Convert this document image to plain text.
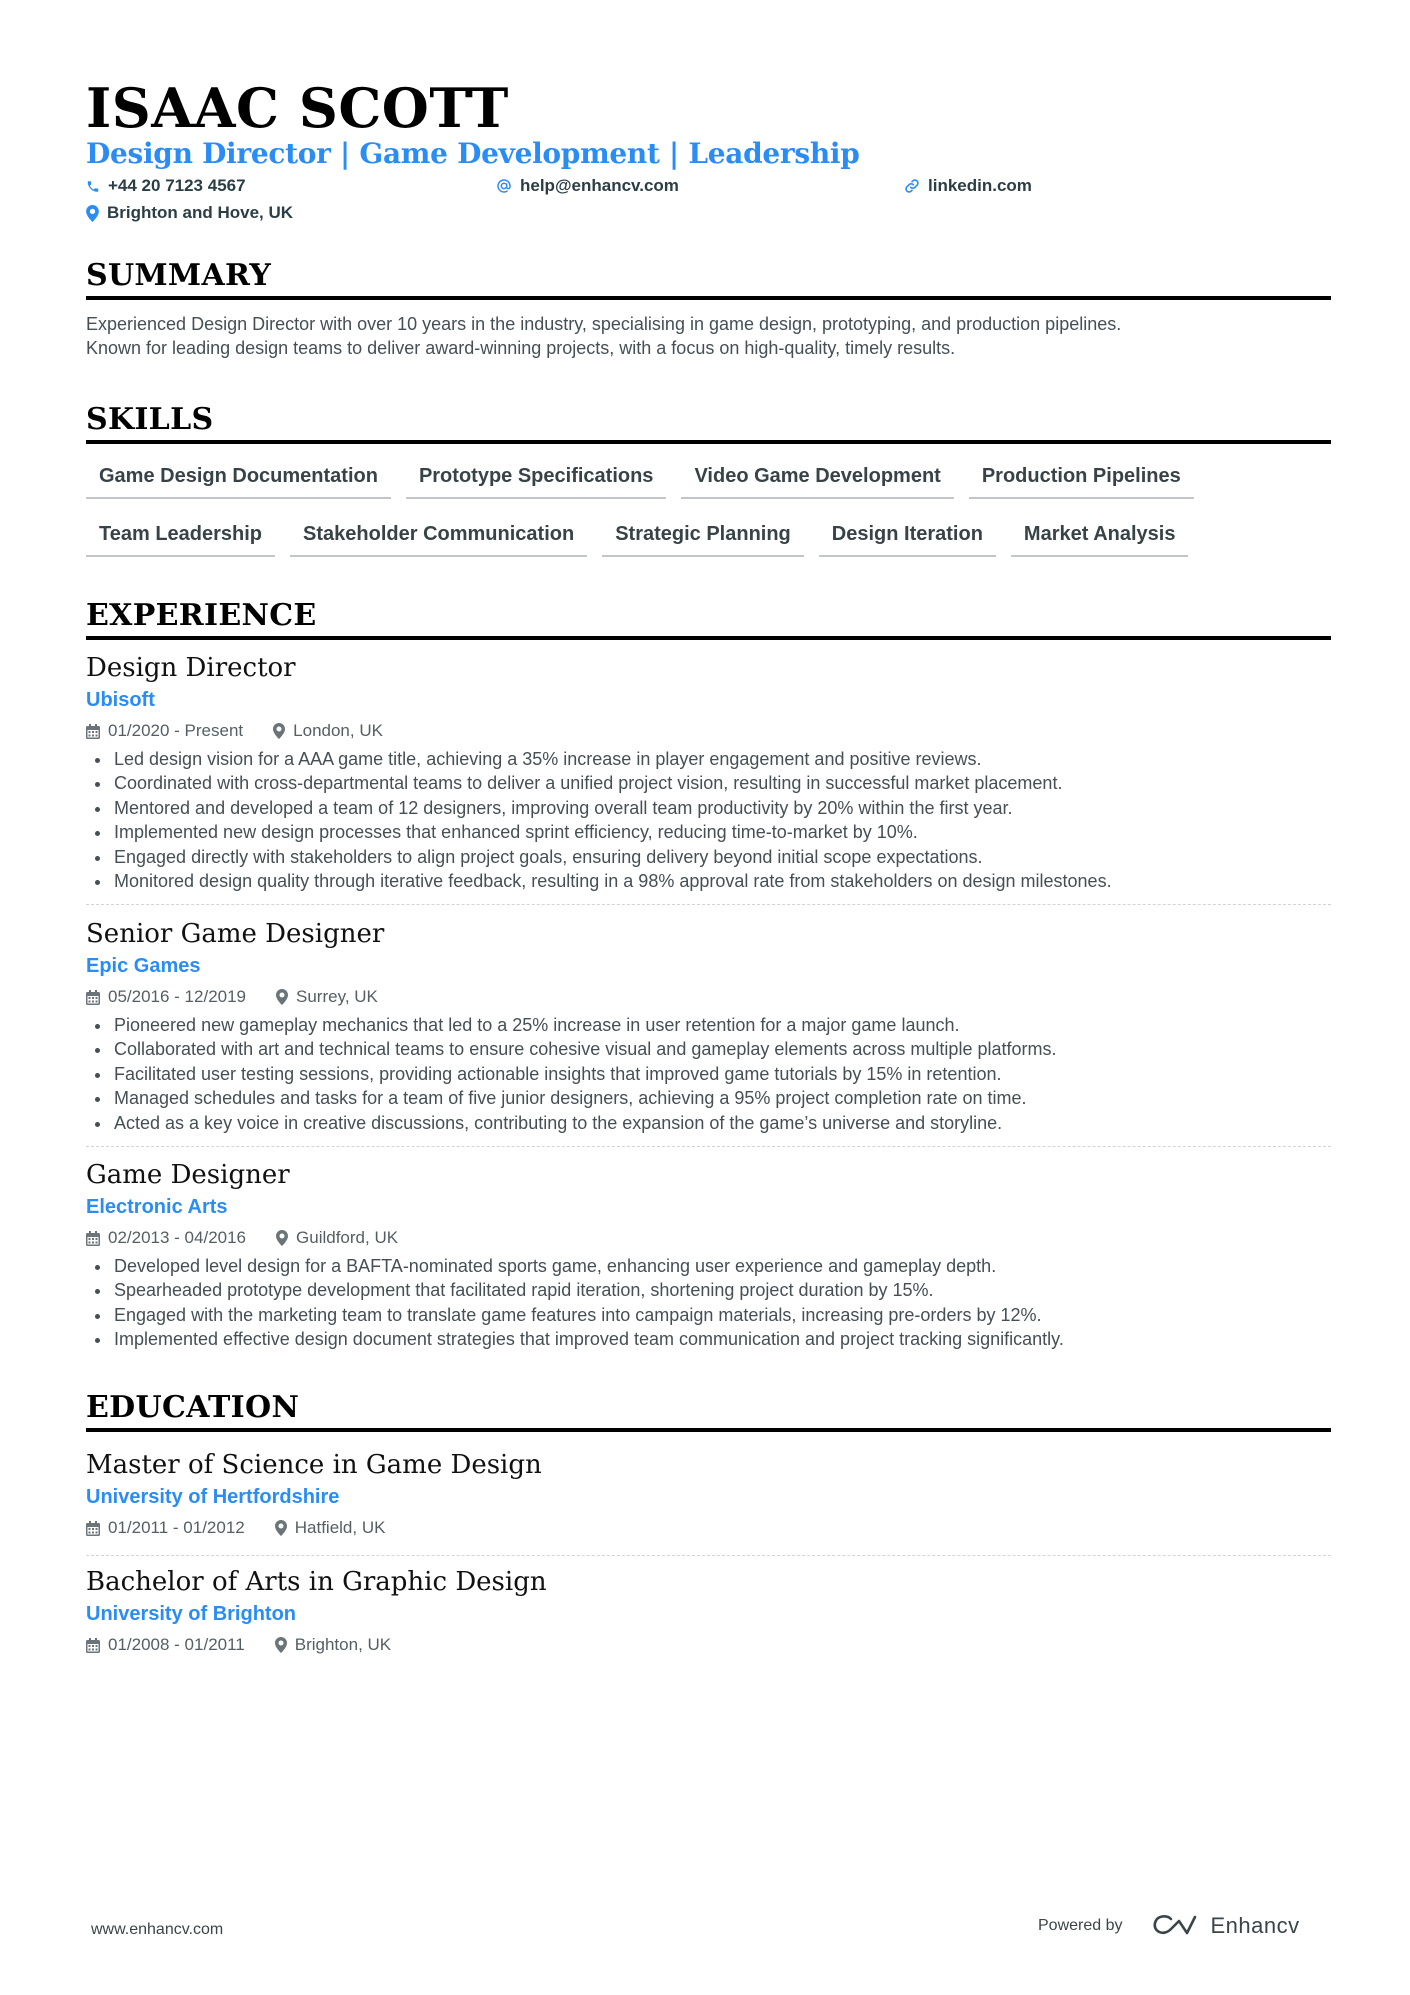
ISAAC SCOTT
Design Director | Game Development | Leadership
+44 20 7123 4567	help@enhancv.com	linkedin.com
Brighton and Hove, UK
SUMMARY
Experienced Design Director with over 10 years in the industry, specialising in game design, prototyping, and production pipelines.
Known for leading design teams to deliver award-winning projects, with a focus on high-quality, timely results.
SKILLS
Game Design Documentation	Prototype Specifications	Video Game Development	Production Pipelines
Team Leadership	Stakeholder Communication	Strategic Planning	Design Iteration	Market Analysis
EXPERIENCE
Design Director
Ubisoft
01/2020 - Present	London, UK
Led design vision for a AAA game title, achieving a 35% increase in player engagement and positive reviews.
Coordinated with cross-departmental teams to deliver a unified project vision, resulting in successful market placement.
Mentored and developed a team of 12 designers, improving overall team productivity by 20% within the first year.
Implemented new design processes that enhanced sprint efficiency, reducing time-to-market by 10%.
Engaged directly with stakeholders to align project goals, ensuring delivery beyond initial scope expectations.
Monitored design quality through iterative feedback, resulting in a 98% approval rate from stakeholders on design milestones.
Senior Game Designer
Epic Games
05/2016 - 12/2019	Surrey, UK
Pioneered new gameplay mechanics that led to a 25% increase in user retention for a major game launch.
Collaborated with art and technical teams to ensure cohesive visual and gameplay elements across multiple platforms.
Facilitated user testing sessions, providing actionable insights that improved game tutorials by 15% in retention.
Managed schedules and tasks for a team of five junior designers, achieving a 95% project completion rate on time.
Acted as a key voice in creative discussions, contributing to the expansion of the game’s universe and storyline.
Game Designer
Electronic Arts
02/2013 - 04/2016	Guildford, UK
Developed level design for a BAFTA-nominated sports game, enhancing user experience and gameplay depth.
Spearheaded prototype development that facilitated rapid iteration, shortening project duration by 15%.
Engaged with the marketing team to translate game features into campaign materials, increasing pre-orders by 12%.
Implemented effective design document strategies that improved team communication and project tracking significantly.
EDUCATION
Master of Science in Game Design
University of Hertfordshire
01/2011 - 01/2012	Hatfield, UK
Bachelor of Arts in Graphic Design
University of Brighton
01/2008 - 01/2011	Brighton, UK
www.enhancv.com	Powered by	Enhancv
